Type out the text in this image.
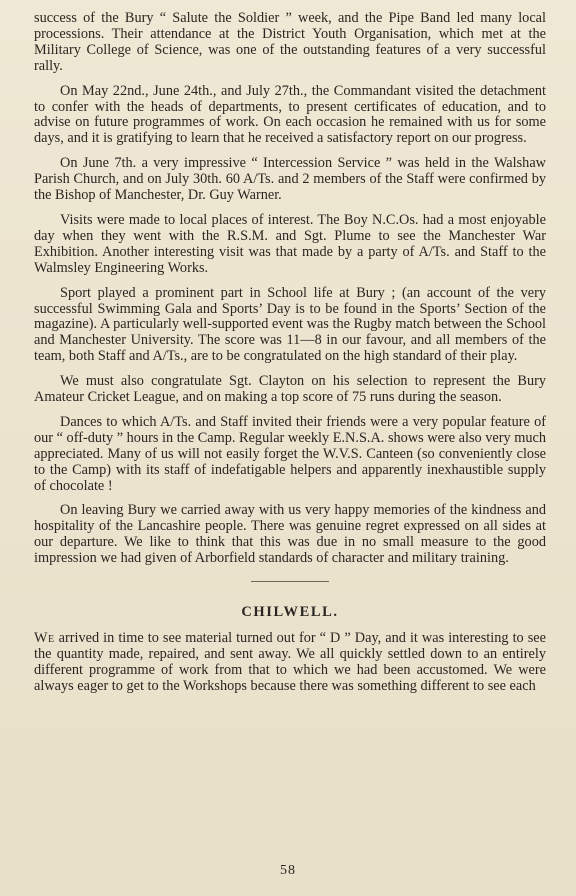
success of the Bury “ Salute the Soldier ” week, and the Pipe Band led many local processions. Their attendance at the District Youth Organisation, which met at the Military College of Science, was one of the outstanding features of a very successful rally.

On May 22nd., June 24th., and July 27th., the Commandant visited the detachment to confer with the heads of departments, to present certificates of education, and to advise on future programmes of work. On each occasion he remained with us for some days, and it is gratifying to learn that he received a satisfactory report on our progress.

On June 7th. a very impressive “ Intercession Service ” was held in the Walshaw Parish Church, and on July 30th. 60 A/Ts. and 2 members of the Staff were confirmed by the Bishop of Manchester, Dr. Guy Warner.

Visits were made to local places of interest. The Boy N.C.Os. had a most enjoyable day when they went with the R.S.M. and Sgt. Plume to see the Manchester War Exhibition. Another interesting visit was that made by a party of A/Ts. and Staff to the Walmsley Engineering Works.

Sport played a prominent part in School life at Bury ; (an account of the very successful Swimming Gala and Sports’ Day is to be found in the Sports’ Section of the magazine). A particularly well-supported event was the Rugby match between the School and Manchester University. The score was 11—8 in our favour, and all members of the team, both Staff and A/Ts., are to be congratulated on the high standard of their play.

We must also congratulate Sgt. Clayton on his selection to represent the Bury Amateur Cricket League, and on making a top score of 75 runs during the season.

Dances to which A/Ts. and Staff invited their friends were a very popular feature of our “ off-duty ” hours in the Camp. Regular weekly E.N.S.A. shows were also very much appreciated. Many of us will not easily forget the W.V.S. Canteen (so conveniently close to the Camp) with its staff of indefatigable helpers and apparently inexhaustible supply of chocolate !

On leaving Bury we carried away with us very happy memories of the kindness and hospitality of the Lancashire people. There was genuine regret expressed on all sides at our departure. We like to think that this was due in no small measure to the good impression we had given of Arborfield standards of character and military training.

CHILWELL.

We arrived in time to see material turned out for “ D ” Day, and it was interesting to see the quantity made, repaired, and sent away. We all quickly settled down to an entirely different programme of work from that to which we had been accustomed. We were always eager to get to the Workshops because there was something different to see each

58
